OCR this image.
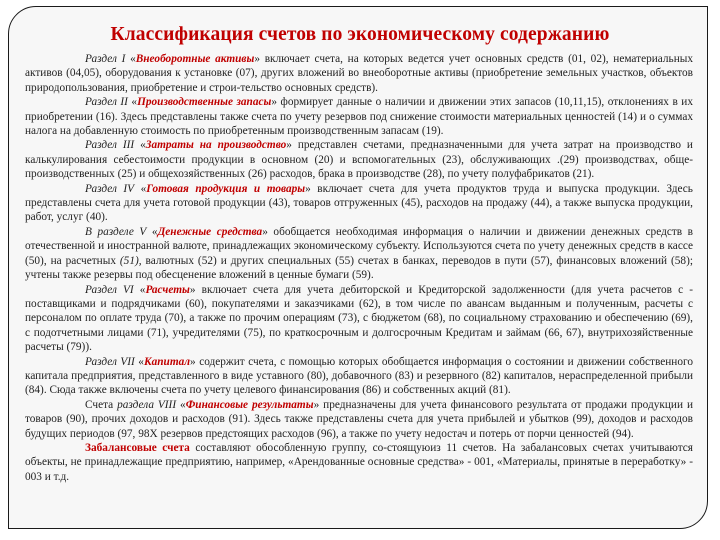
Классификация счетов по экономическому содержанию

Раздел I «Внеоборотные активы» включает счета, на которых ведется учет основных средств (01, 02), нематериальных активов (04,05), оборудования к установке (07), других вложений во внеоборотные активы (приобретение земельных участков, объектов природопользования, приобретение и строи-тельство основных средств).

Раздел II «Производственные запасы» формирует данные о наличии и движении этих запасов (10,11,15), отклонениях в их приобретении (16). Здесь представлены также счета по учету резервов под снижение стоимости материальных ценностей (14) и о суммах налога на добавленную стоимость по приобретенным производственным запасам (19).

Раздел III «Затраты на производство» представлен счетами, предназначенными для учета затрат на производство и калькулирования себестоимости продукции в основном (20) и вспомогательных (23), обслуживающих .(29) производствах, обще-производственных (25) и общехозяйственных (26) расходов, брака в производстве (28), по учету полуфабрикатов (21).

Раздел IV «Готовая продукция и товары» включает счета для учета продуктов труда и выпуска продукции. Здесь представлены счета для учета готовой продукции (43), товаров отгруженных (45), расходов на продажу (44), а также выпуска продукции, работ, услуг (40).

В разделе V «Денежные средства» обобщается необходимая информация о наличии и движении денежных средств в отечественной и иностранной валюте, принадлежащих экономическому субъекту. Используются счета по учету денежных средств в кассе (50), на расчетных (51), валютных (52) и других специальных (55) счетах в банках, переводов в пути (57), финансовых вложений (58); учтены также резервы под обесценение вложений в ценные бумаги (59).

Раздел VI «Расчеты» включает счета для учета дебиторской и Кредиторской задолженности (для учета расчетов с - поставщиками и подрядчиками (60), покупателями и заказчиками (62), в том числе по авансам выданным и полученным, расчеты с персоналом по оплате труда (70), а также по прочим операциям (73), с бюджетом (68), по социальному страхованию и обеспечению (69), с подотчетными лицами (71), учредителями (75), по краткосрочным и долгосрочным Кредитам и займам (66, 67), внутрихозяйственные расчеты (79)).

Раздел VII «Капитал» содержит счета, с помощью которых обобщается информация о состоянии и движении собственного капитала предприятия, представленного в виде уставного (80), добавочного (83) и резервного (82) капиталов, нераспределенной прибыли (84). Сюда также включены счета по учету целевого финансирования (86) и собственных акций (81).

Счета раздела VIII «Финансовые результаты» предназначены для учета финансового результата от продажи продукции и товаров (90), прочих доходов и расходов (91). Здесь также представлены счета для учета прибылей и убытков (99), доходов и расходов будущих периодов (97, 98Х резервов предстоящих расходов (96), а также по учету недостач и потерь от порчи ценностей (94).

Забалансовые счета составляют обособленную группу, со-стоящуюиз 11 счетов. На забалансовых счетах учитываются объекты, не принадлежащие предприятию, например, «Арендованные основные средства» - 001, «Материалы, принятые в переработку» - 003 и т.д.
